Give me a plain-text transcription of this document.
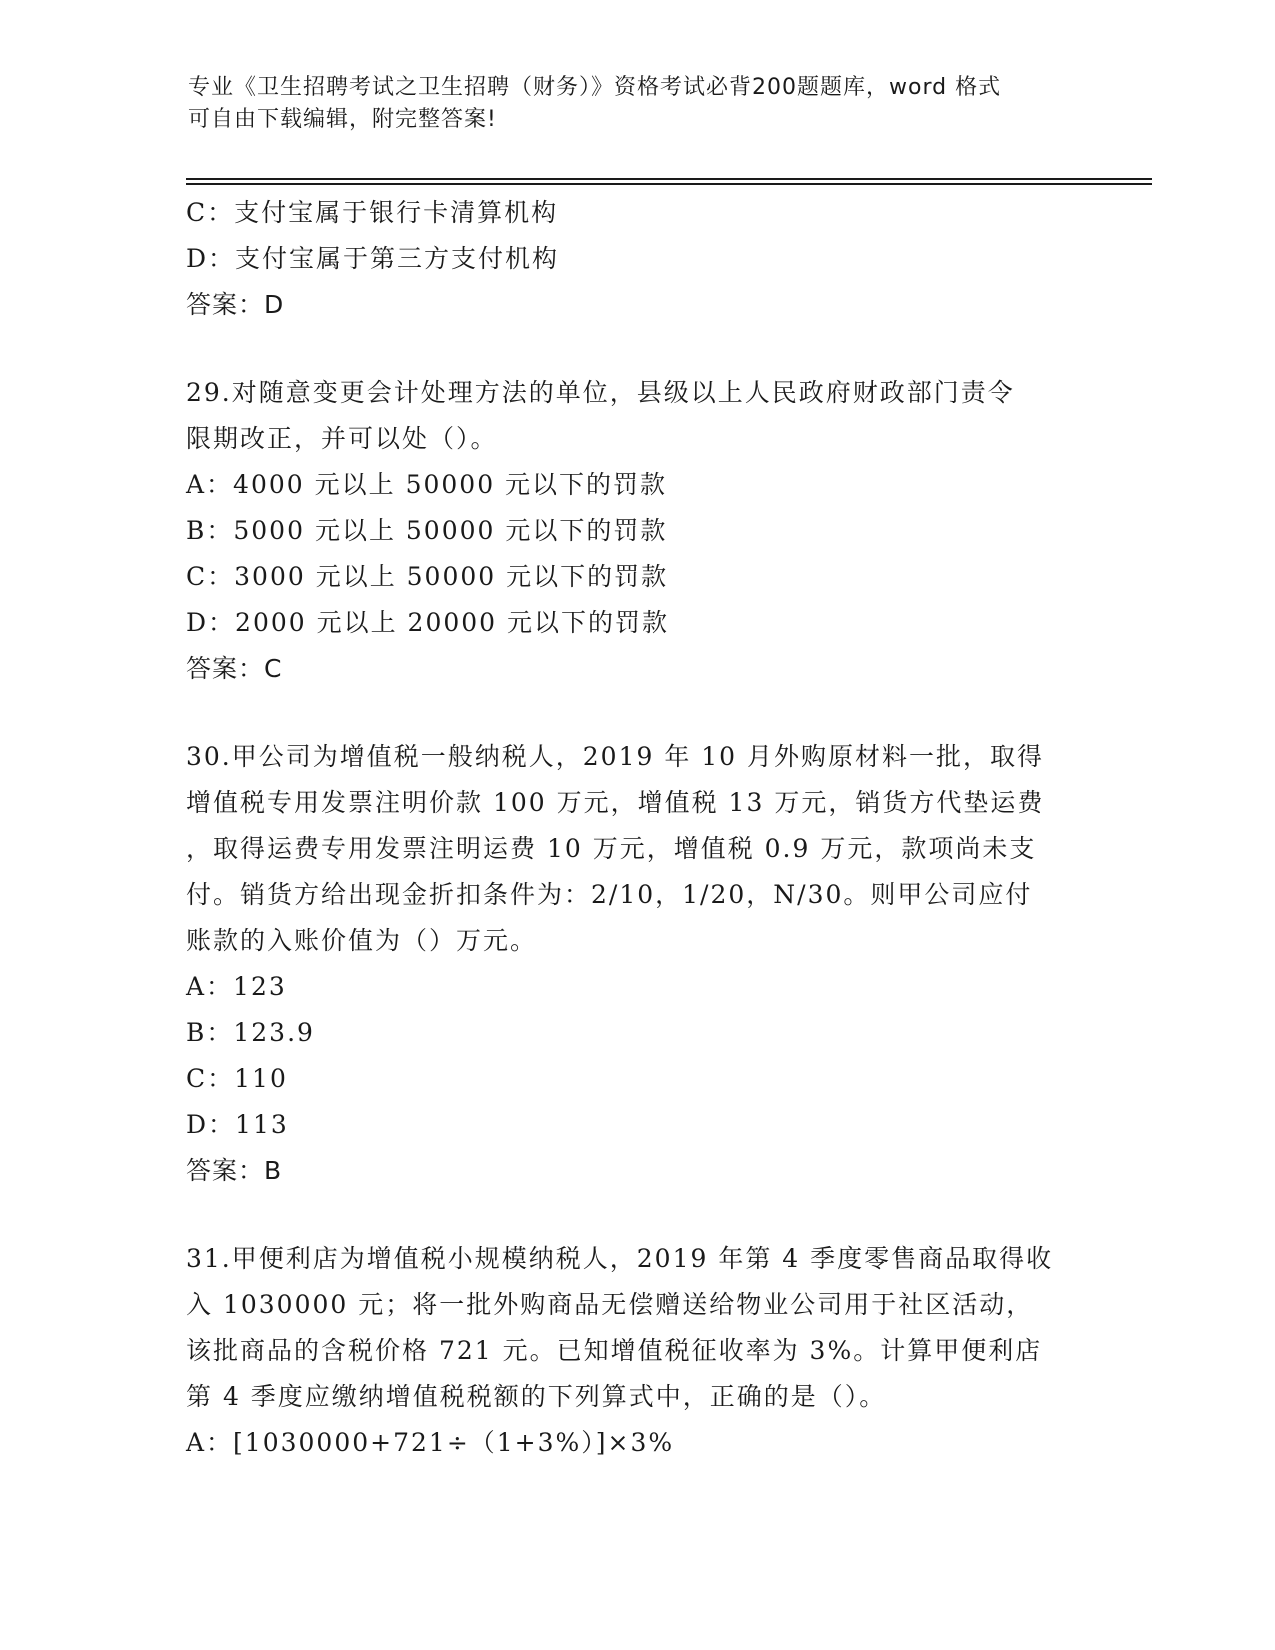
专业《卫生招聘考试之卫生招聘（财务）》资格考试必背200题题库，word 格式
可自由下载编辑，附完整答案!
C：支付宝属于银行卡清算机构
D：支付宝属于第三方支付机构
答案：D
29.对随意变更会计处理方法的单位，县级以上人民政府财政部门责令
限期改正，并可以处（）。
A：4000 元以上 50000 元以下的罚款
B：5000 元以上 50000 元以下的罚款
C：3000 元以上 50000 元以下的罚款
D：2000 元以上 20000 元以下的罚款
答案：C
30.甲公司为增值税一般纳税人，2019 年 10 月外购原材料一批，取得
增值税专用发票注明价款 100 万元，增值税 13 万元，销货方代垫运费
，取得运费专用发票注明运费 10 万元，增值税 0.9 万元，款项尚未支
付。销货方给出现金折扣条件为：2/10，1/20，N/30。则甲公司应付
账款的入账价值为（）万元。
A：123
B：123.9
C：110
D：113
答案：B
31.甲便利店为增值税小规模纳税人，2019 年第 4 季度零售商品取得收
入 1030000 元；将一批外购商品无偿赠送给物业公司用于社区活动，
该批商品的含税价格 721 元。已知增值税征收率为 3%。计算甲便利店
第 4 季度应缴纳增值税税额的下列算式中，正确的是（）。
A：[1030000+721÷（1+3%）]×3%
